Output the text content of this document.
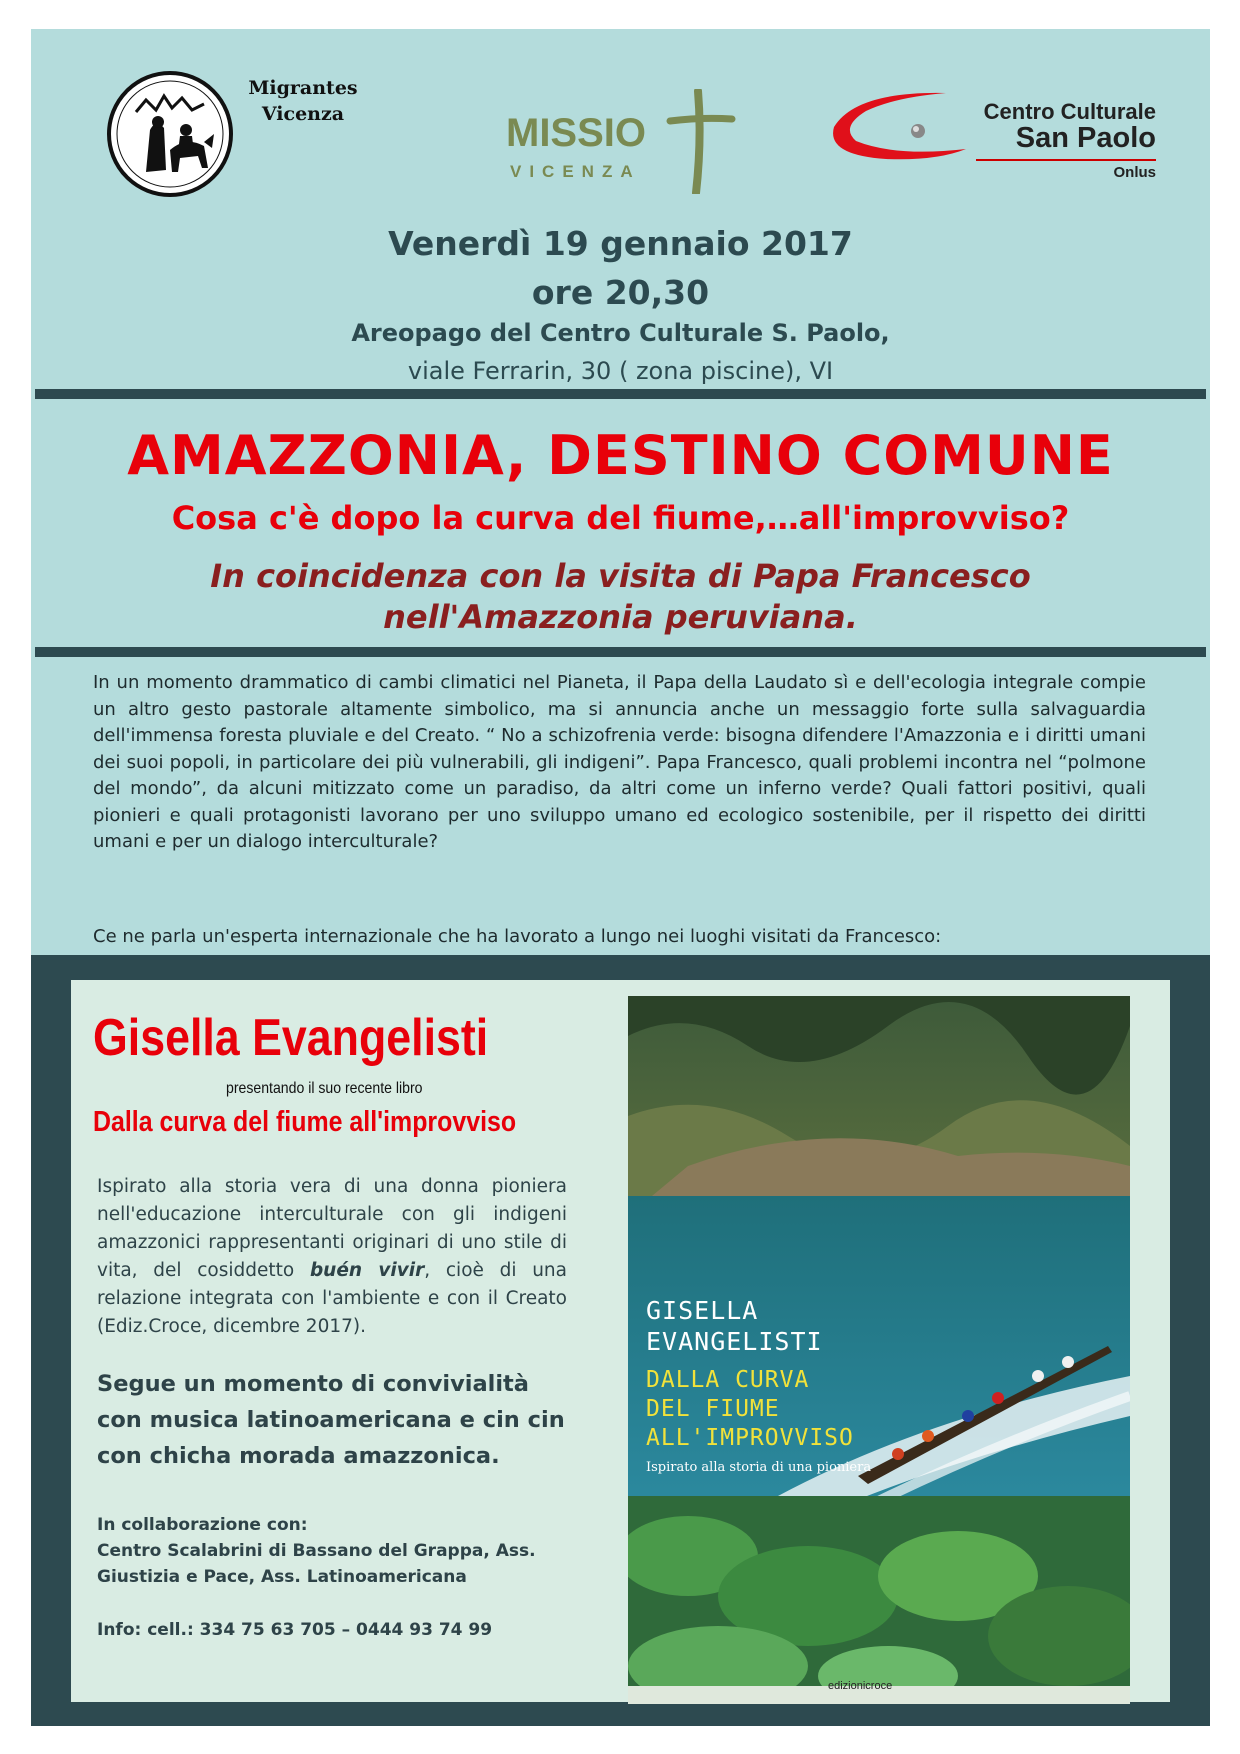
Migrantes Vicenza	MISSIO
VICENZA
Centro Culturale
San Paolo
Onlus
Venerdì 19 gennaio 2017
ore 20,30
Areopago del Centro Culturale S. Paolo,
viale Ferrarin, 30 ( zona piscine), VI
AMAZZONIA, DESTINO COMUNE
Cosa c'è dopo la curva del fiume,…all'improvviso?
In coincidenza con la visita di Papa Francesco nell'Amazzonia peruviana.
In un momento drammatico di cambi climatici nel Pianeta, il Papa della Laudato sì e dell'ecologia integrale compie un altro gesto pastorale altamente simbolico, ma si annuncia anche un messaggio forte sulla salvaguardia dell'immensa foresta pluviale e del Creato. “ No a schizofrenia verde: bisogna difendere l'Amazzonia e i diritti umani dei suoi popoli, in particolare dei più vulnerabili, gli indigeni”. Papa Francesco, quali problemi incontra nel “polmone del mondo”, da alcuni mitizzato come un paradiso, da altri come un inferno verde? Quali fattori positivi, quali pionieri e quali protagonisti lavorano per uno sviluppo umano ed ecologico sostenibile, per il rispetto dei diritti umani e per un dialogo interculturale?
Ce ne parla un'esperta internazionale che ha lavorato a lungo nei luoghi visitati da Francesco:
Gisella Evangelisti
presentando il suo recente libro
Dalla curva del fiume all'improvviso
Ispirato alla storia vera di una donna pioniera nell'educazione interculturale con gli indigeni amazzonici rappresentanti originari di uno stile di vita, del cosiddetto buén vivir, cioè di una relazione integrata con l'ambiente e con il Creato (Ediz.Croce, dicembre 2017).
Segue un momento di convivialità con musica latinoamericana e cin cin con chicha morada amazzonica.
In collaborazione con:
Centro Scalabrini di Bassano del Grappa, Ass. Giustizia e Pace, Ass. Latinoamericana
Info: cell.: 334 75 63 705 – 0444 93 74 99
GISELLA
EVANGELISTI
DALLA CURVA
DEL FIUME
ALL'IMPROVVISO
Ispirato alla storia di una pioniera
edizionicroce
